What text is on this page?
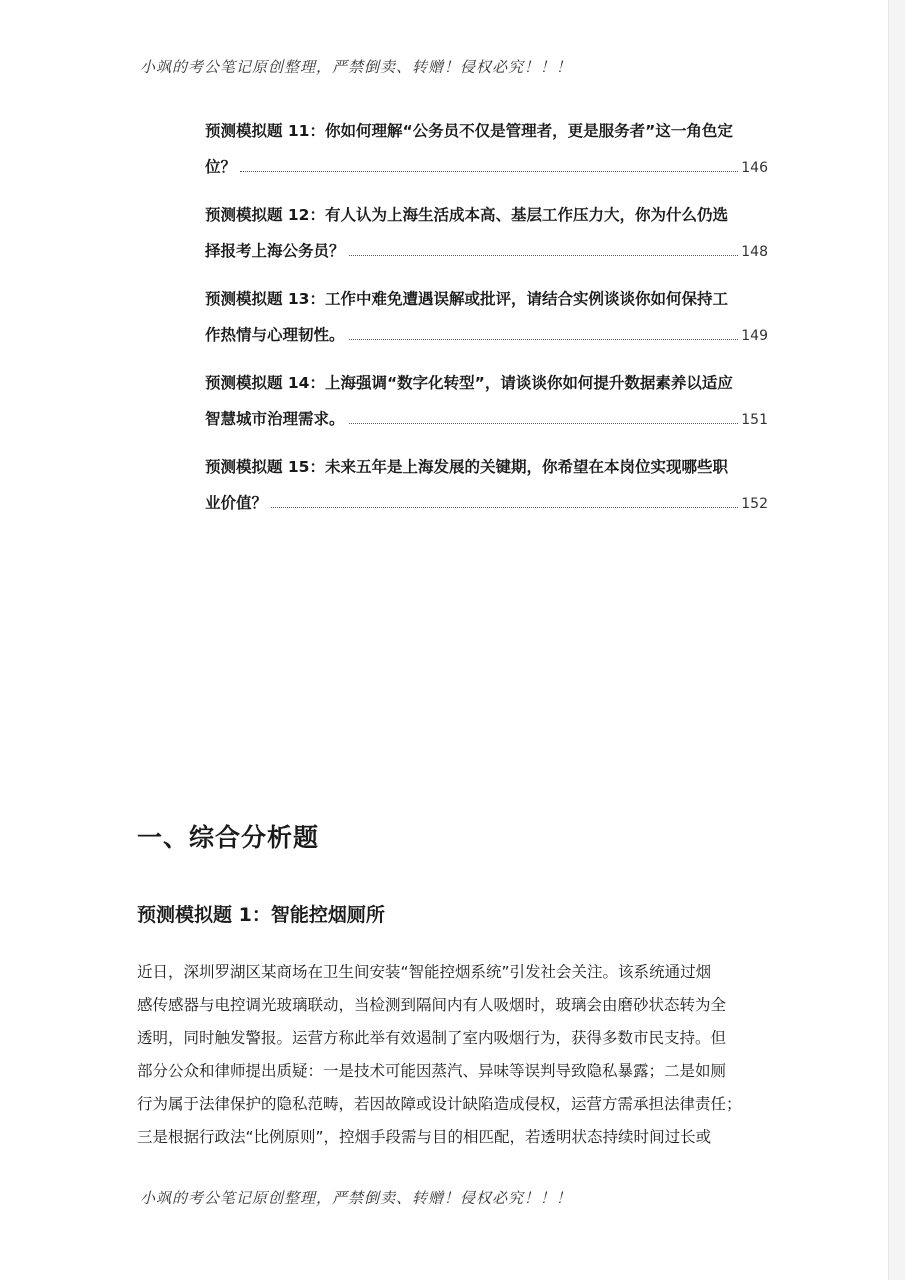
小飒的考公笔记原创整理，严禁倒卖、转赠！侵权必究！！！
预测模拟题 11：你如何理解“公务员不仅是管理者，更是服务者”这一角色定
位？	146
预测模拟题 12：有人认为上海生活成本高、基层工作压力大，你为什么仍选
择报考上海公务员？	148
预测模拟题 13：工作中难免遭遇误解或批评，请结合实例谈谈你如何保持工
作热情与心理韧性。	149
预测模拟题 14：上海强调“数字化转型”，请谈谈你如何提升数据素养以适应
智慧城市治理需求。	151
预测模拟题 15：未来五年是上海发展的关键期，你希望在本岗位实现哪些职
业价值？	152
一、综合分析题
预测模拟题 1：智能控烟厕所
近日，深圳罗湖区某商场在卫生间安装“智能控烟系统”引发社会关注。该系统通过烟
感传感器与电控调光玻璃联动，当检测到隔间内有人吸烟时，玻璃会由磨砂状态转为全
透明，同时触发警报。运营方称此举有效遏制了室内吸烟行为，获得多数市民支持。但
部分公众和律师提出质疑：一是技术可能因蒸汽、异味等误判导致隐私暴露；二是如厕
行为属于法律保护的隐私范畴，若因故障或设计缺陷造成侵权，运营方需承担法律责任；
三是根据行政法“比例原则”，控烟手段需与目的相匹配，若透明状态持续时间过长或
小飒的考公笔记原创整理，严禁倒卖、转赠！侵权必究！！！
